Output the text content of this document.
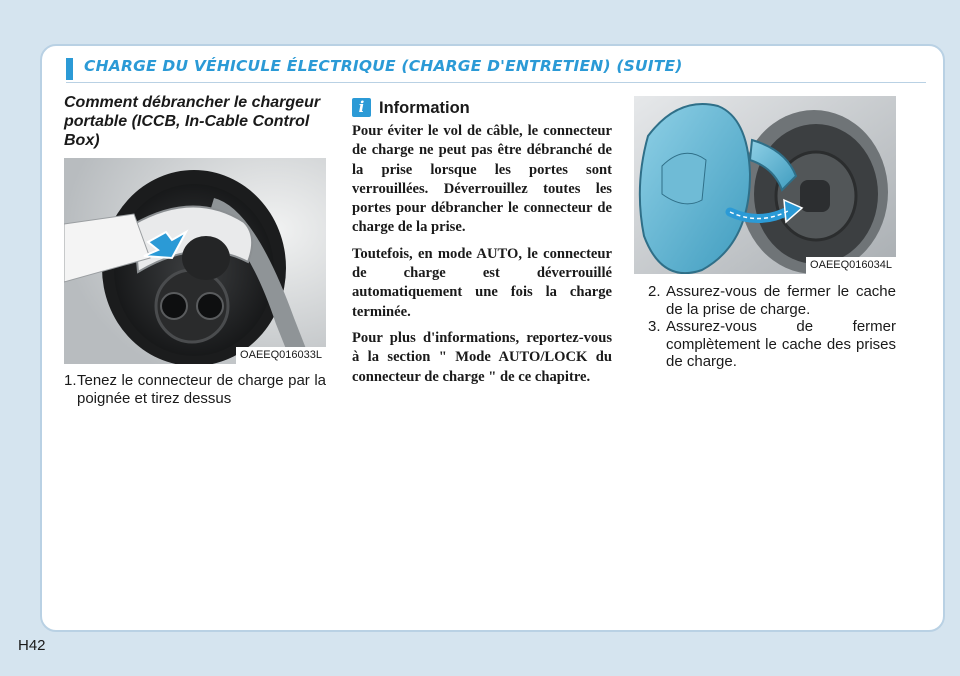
CHARGE DU VÉHICULE ÉLECTRIQUE (CHARGE D'ENTRETIEN) (SUITE)
Comment débrancher le chargeur portable (ICCB, In-Cable Control Box)
OAEEQ016033L

1. Tenez le connecteur de charge par la poignée et tirez dessus

i Information

Pour éviter le vol de câble, le connecteur de charge ne peut pas être débranché de la prise lorsque les portes sont verrouillées. Déverrouillez toutes les portes pour débrancher le connecteur de charge de la prise.

Toutefois, en mode AUTO, le connecteur de charge est déverrouillé automatiquement une fois la charge terminée.

Pour plus d'informations, reportez-vous à la section " Mode AUTO/LOCK du connecteur de charge " de ce chapitre.

OAEEQ016034L

2. Assurez-vous de fermer le cache de la prise de charge.

3. Assurez-vous de fermer complètement le cache des prises de charge.

H42
